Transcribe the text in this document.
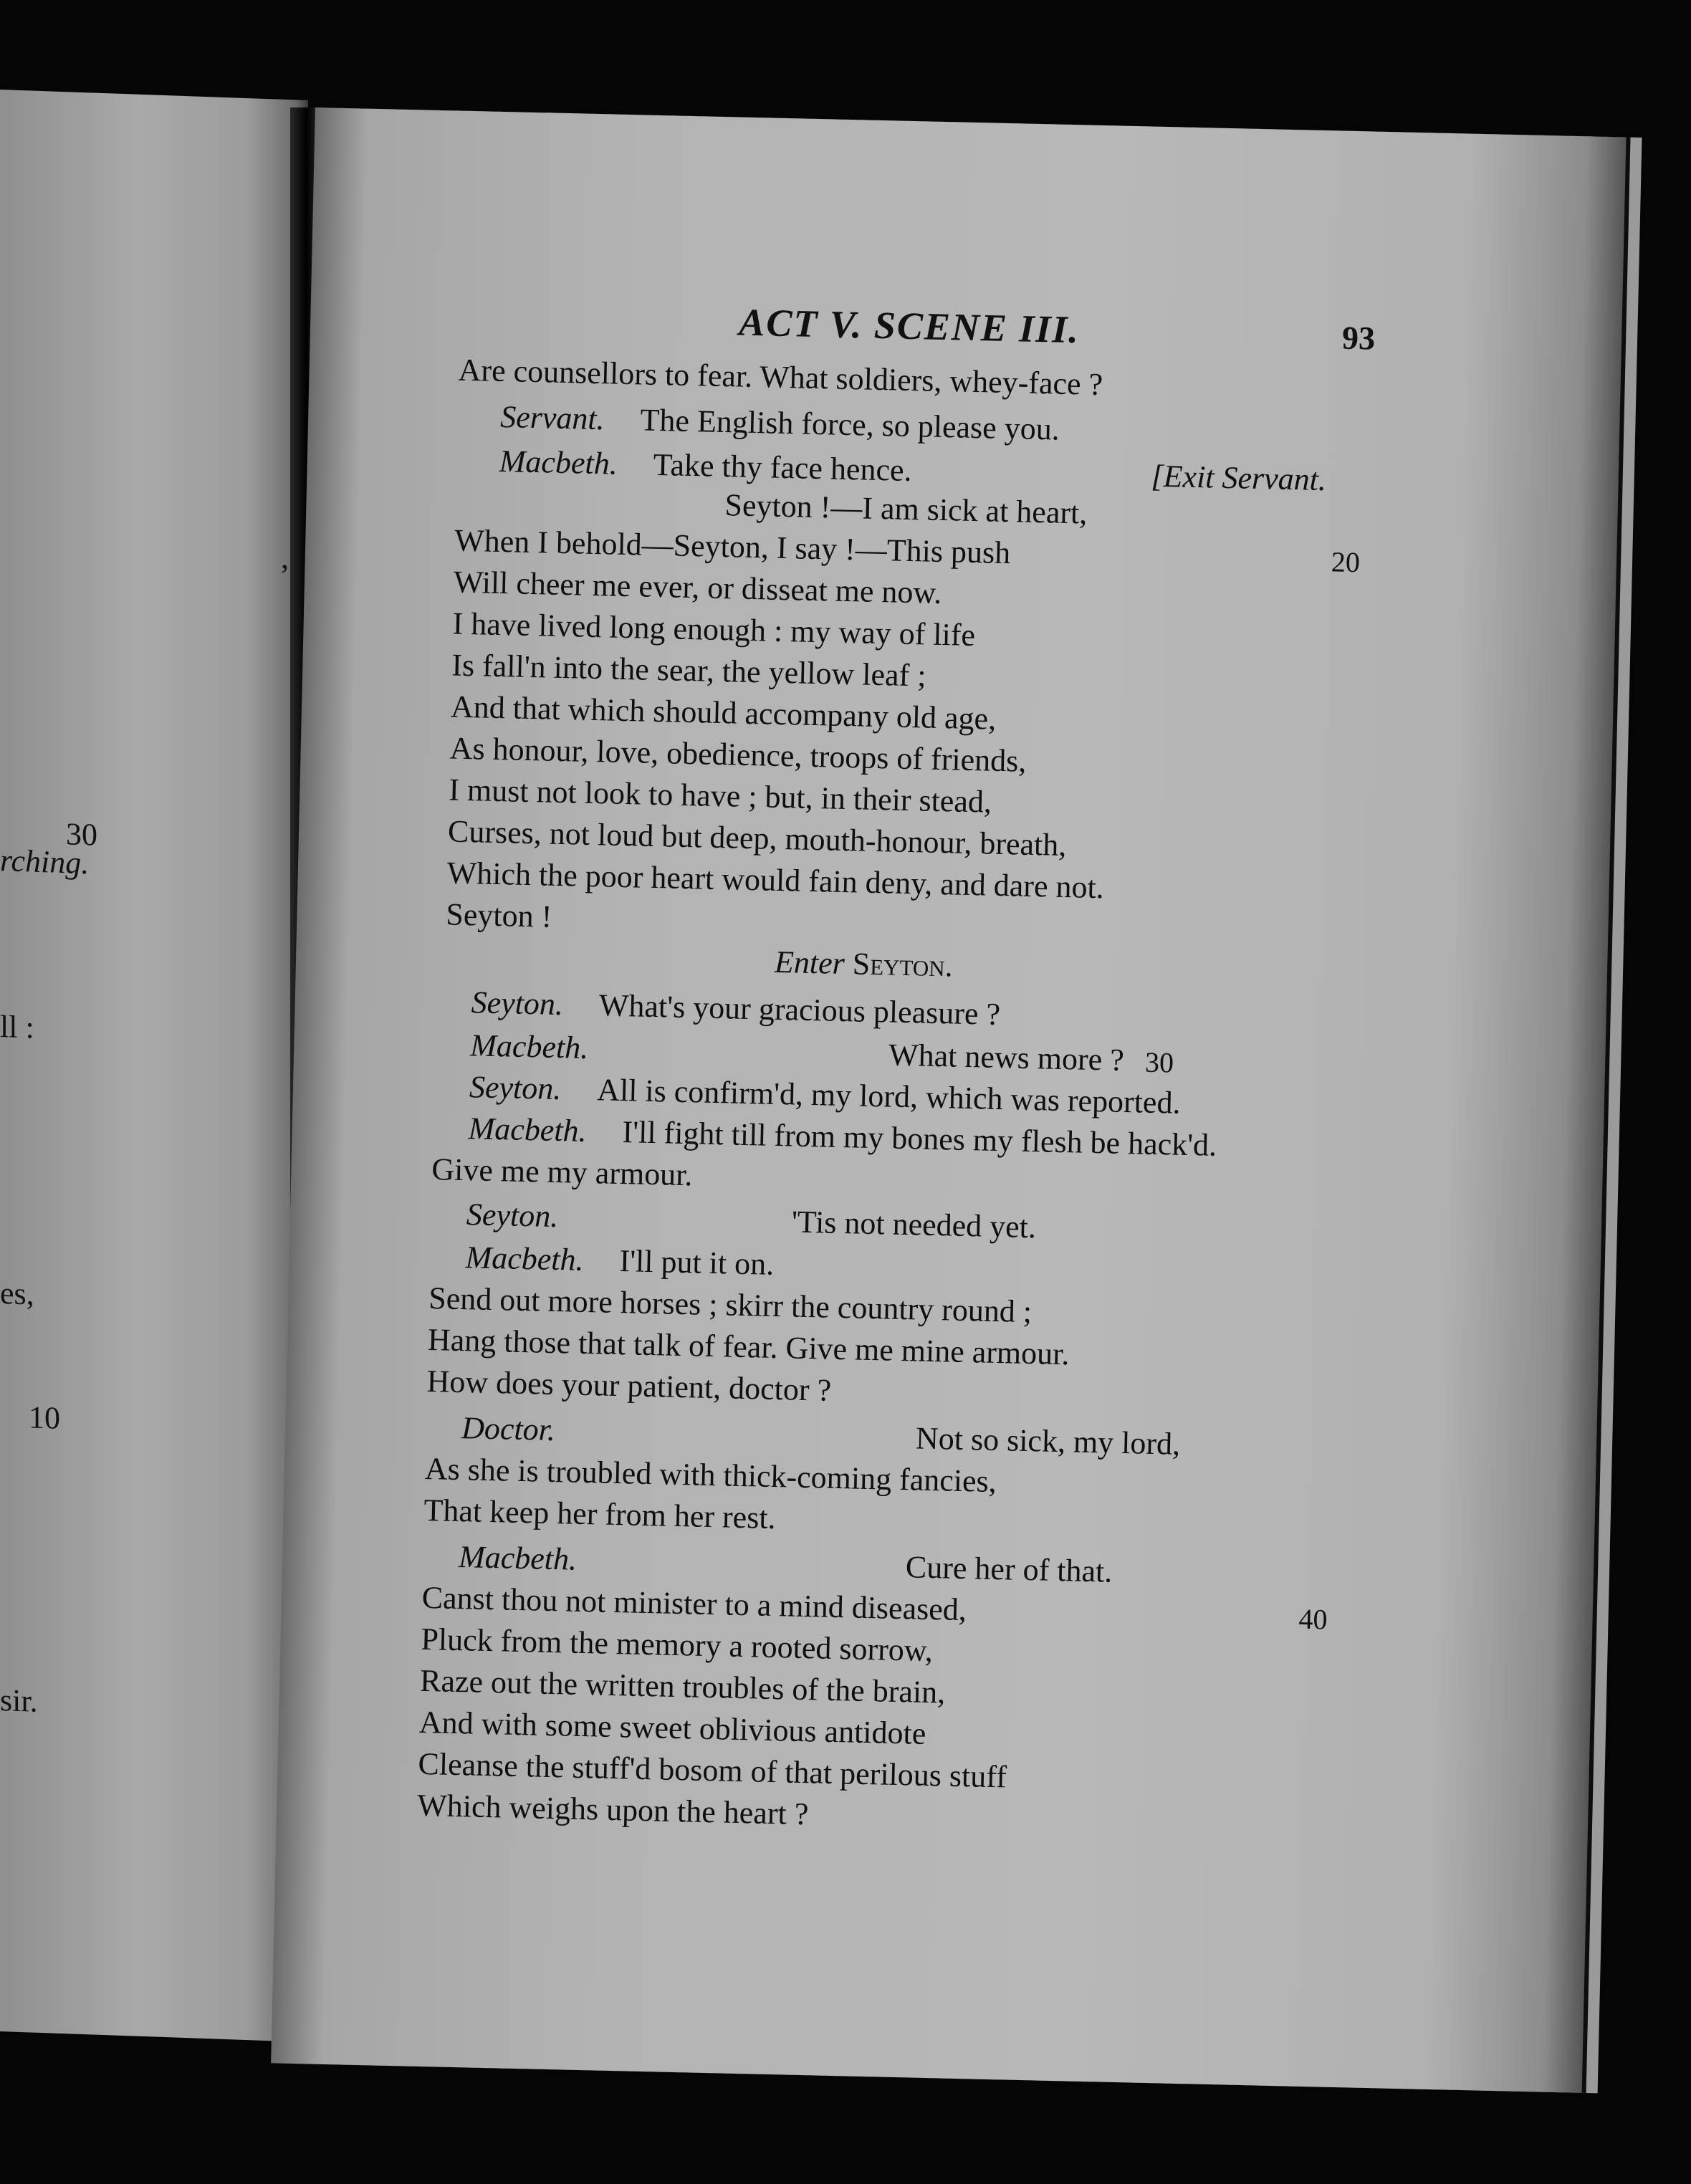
,
30
rching.
ll :
es,
10
sir.
ACT V. SCENE III.	93
Are counsellors to fear. What soldiers, whey-face ?
Servant. The English force, so please you.
Macbeth. Take thy face hence.	[Exit Servant.
Seyton !—I am sick at heart,
When I behold—Seyton, I say !—This push	20
Will cheer me ever, or disseat me now.
I have lived long enough : my way of life
Is fall'n into the sear, the yellow leaf ;
And that which should accompany old age,
As honour, love, obedience, troops of friends,
I must not look to have ; but, in their stead,
Curses, not loud but deep, mouth-honour, breath,
Which the poor heart would fain deny, and dare not.
Seyton !
Enter Seyton.
Seyton. What's your gracious pleasure ?
Macbeth.	What news more ? 30
Seyton. All is confirm'd, my lord, which was reported.
Macbeth. I'll fight till from my bones my flesh be hack'd.
Give me my armour.
Seyton.	'Tis not needed yet.
Macbeth. I'll put it on.
Send out more horses ; skirr the country round ;
Hang those that talk of fear. Give me mine armour.
How does your patient, doctor ?
Doctor.	Not so sick, my lord,
As she is troubled with thick-coming fancies,
That keep her from her rest.
Macbeth.	Cure her of that.
Canst thou not minister to a mind diseased,	40
Pluck from the memory a rooted sorrow,
Raze out the written troubles of the brain,
And with some sweet oblivious antidote
Cleanse the stuff'd bosom of that perilous stuff
Which weighs upon the heart ?
